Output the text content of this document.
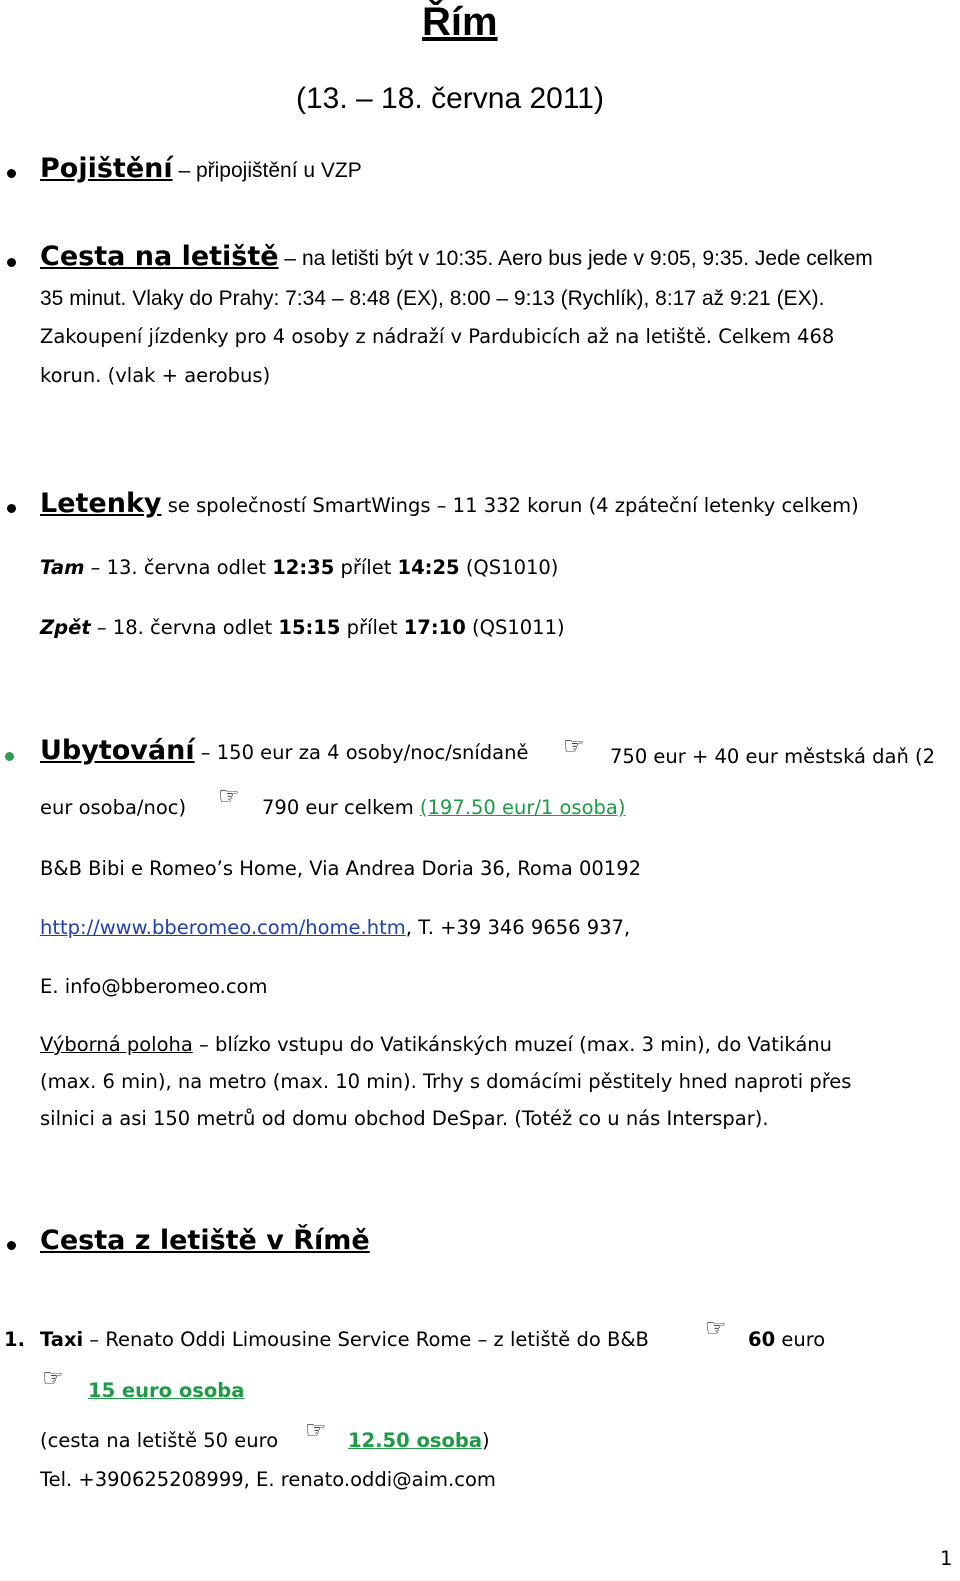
Řím
(13. – 18. června 2011)
Pojištění – připojištění u VZP
Cesta na letiště – na letišti být v 10:35. Aero bus jede v 9:05, 9:35. Jede celkem
35 minut. Vlaky do Prahy: 7:34 – 8:48 (EX), 8:00 – 9:13 (Rychlík), 8:17 až 9:21 (EX).
Zakoupení jízdenky pro 4 osoby z nádraží v Pardubicích až na letiště. Celkem 468
korun. (vlak + aerobus)
Letenky se společností SmartWings – 11 332 korun (4 zpáteční letenky celkem)
Tam – 13. června odlet 12:35 přílet 14:25 (QS1010)
Zpět – 18. června odlet 15:15 přílet 17:10 (QS1011)
Ubytování – 150 eur za 4 osoby/noc/snídaně ☞ 750 eur + 40 eur městská daň (2
eur osoba/noc) ☞ 790 eur celkem (197.50 eur/1 osoba)
B&B Bibi e Romeo’s Home, Via Andrea Doria 36, Roma 00192
http://www.bberomeo.com/home.htm, T. +39 346 9656 937,
E. info@bberomeo.com
Výborná poloha – blízko vstupu do Vatikánských muzeí (max. 3 min), do Vatikánu
(max. 6 min), na metro (max. 10 min). Trhy s domácími pěstitely hned naproti přes
silnici a asi 150 metrů od domu obchod DeSpar. (Totéž co u nás Interspar).
Cesta z letiště v Římě
1. Taxi – Renato Oddi Limousine Service Rome – z letiště do B&B ☞ 60 euro
☞ 15 euro osoba
(cesta na letiště 50 euro ☞ 12.50 osoba)
Tel. +390625208999, E. renato.oddi@aim.com
1
